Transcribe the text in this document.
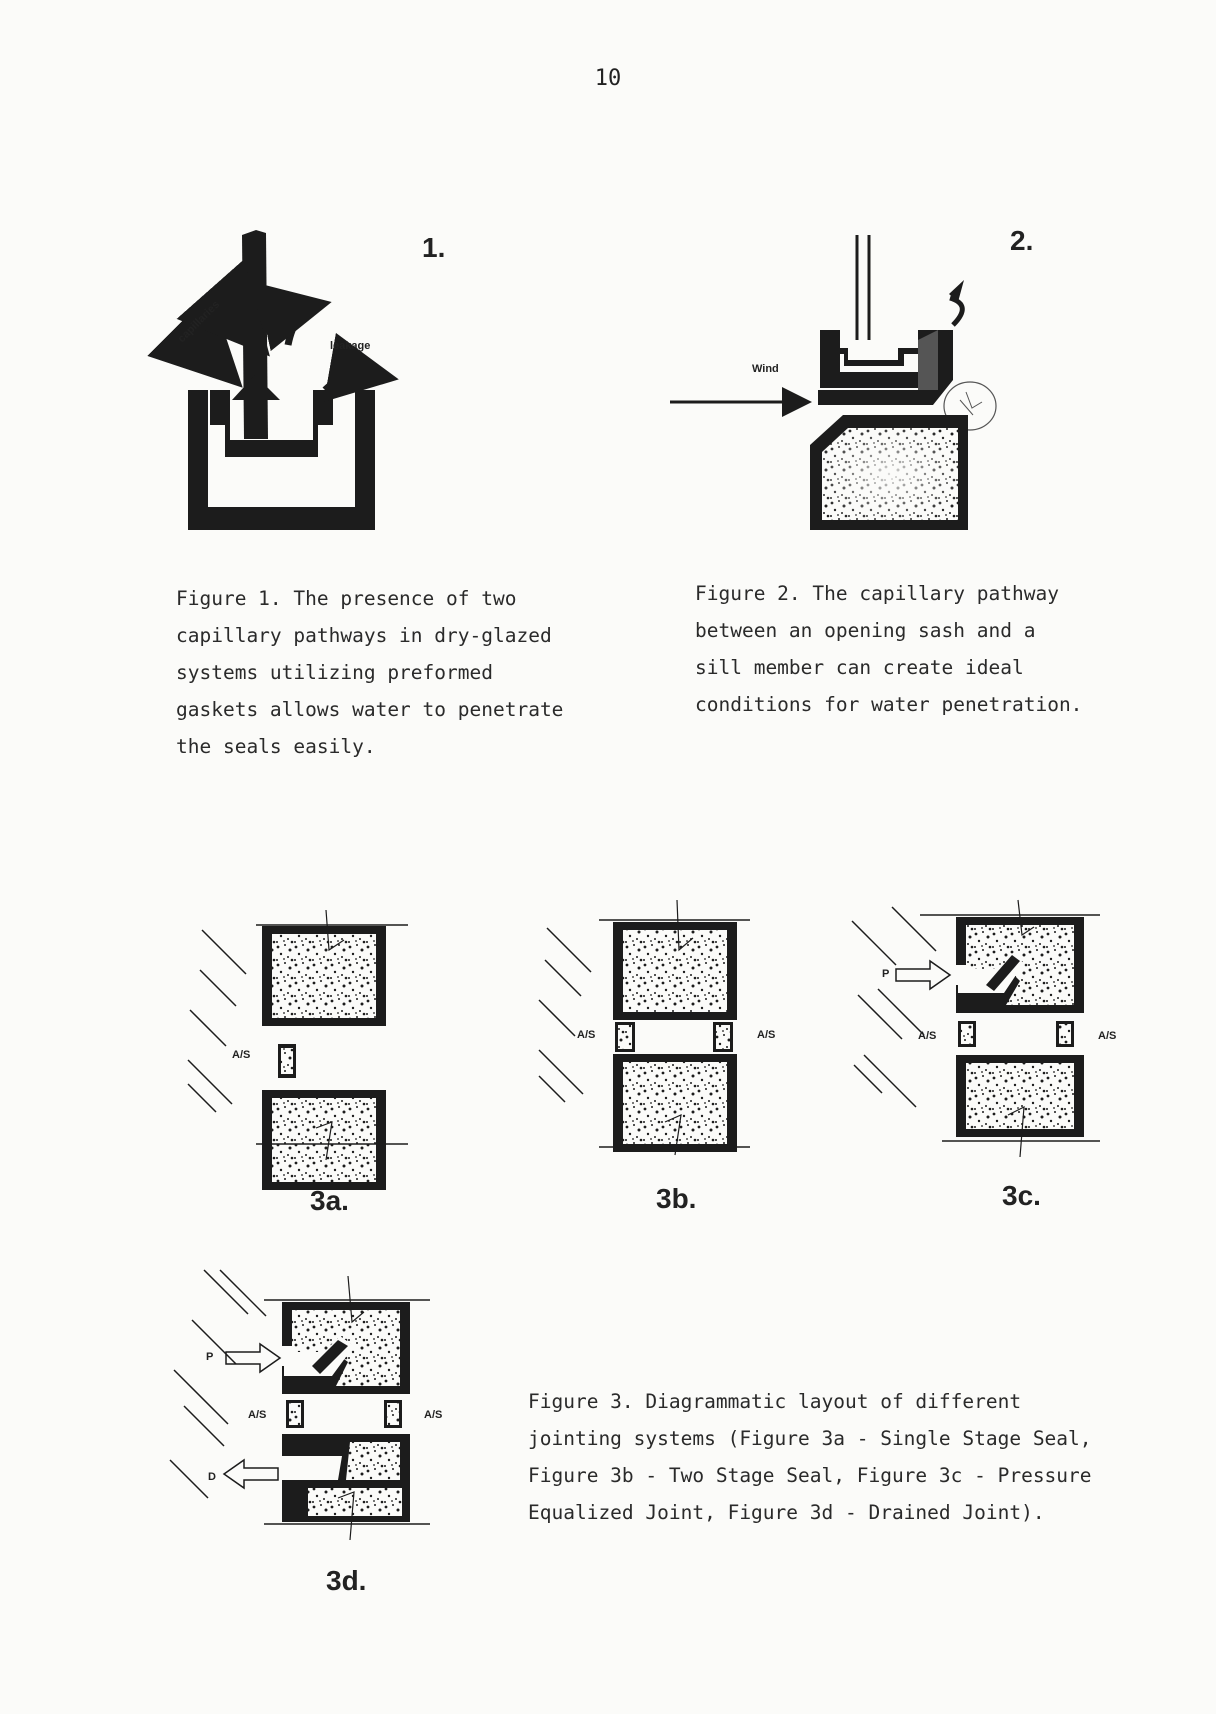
10
capillaries
leakage
1.
Wind
2.
Figure 1. The presence of two
capillary pathways in dry-glazed
systems utilizing preformed
gaskets allows water to penetrate
the seals easily.
Figure 2. The capillary pathway
between an opening sash and a
sill member can create ideal
conditions for water penetration.
A/S
3a.
A/S	A/S
3b.
P
A/S	A/S
3c.
P
A/S	A/S
D
3d.
Figure 3. Diagrammatic layout of different
jointing systems (Figure 3a - Single Stage Seal,
Figure 3b - Two Stage Seal, Figure 3c - Pressure
Equalized Joint, Figure 3d - Drained Joint).
